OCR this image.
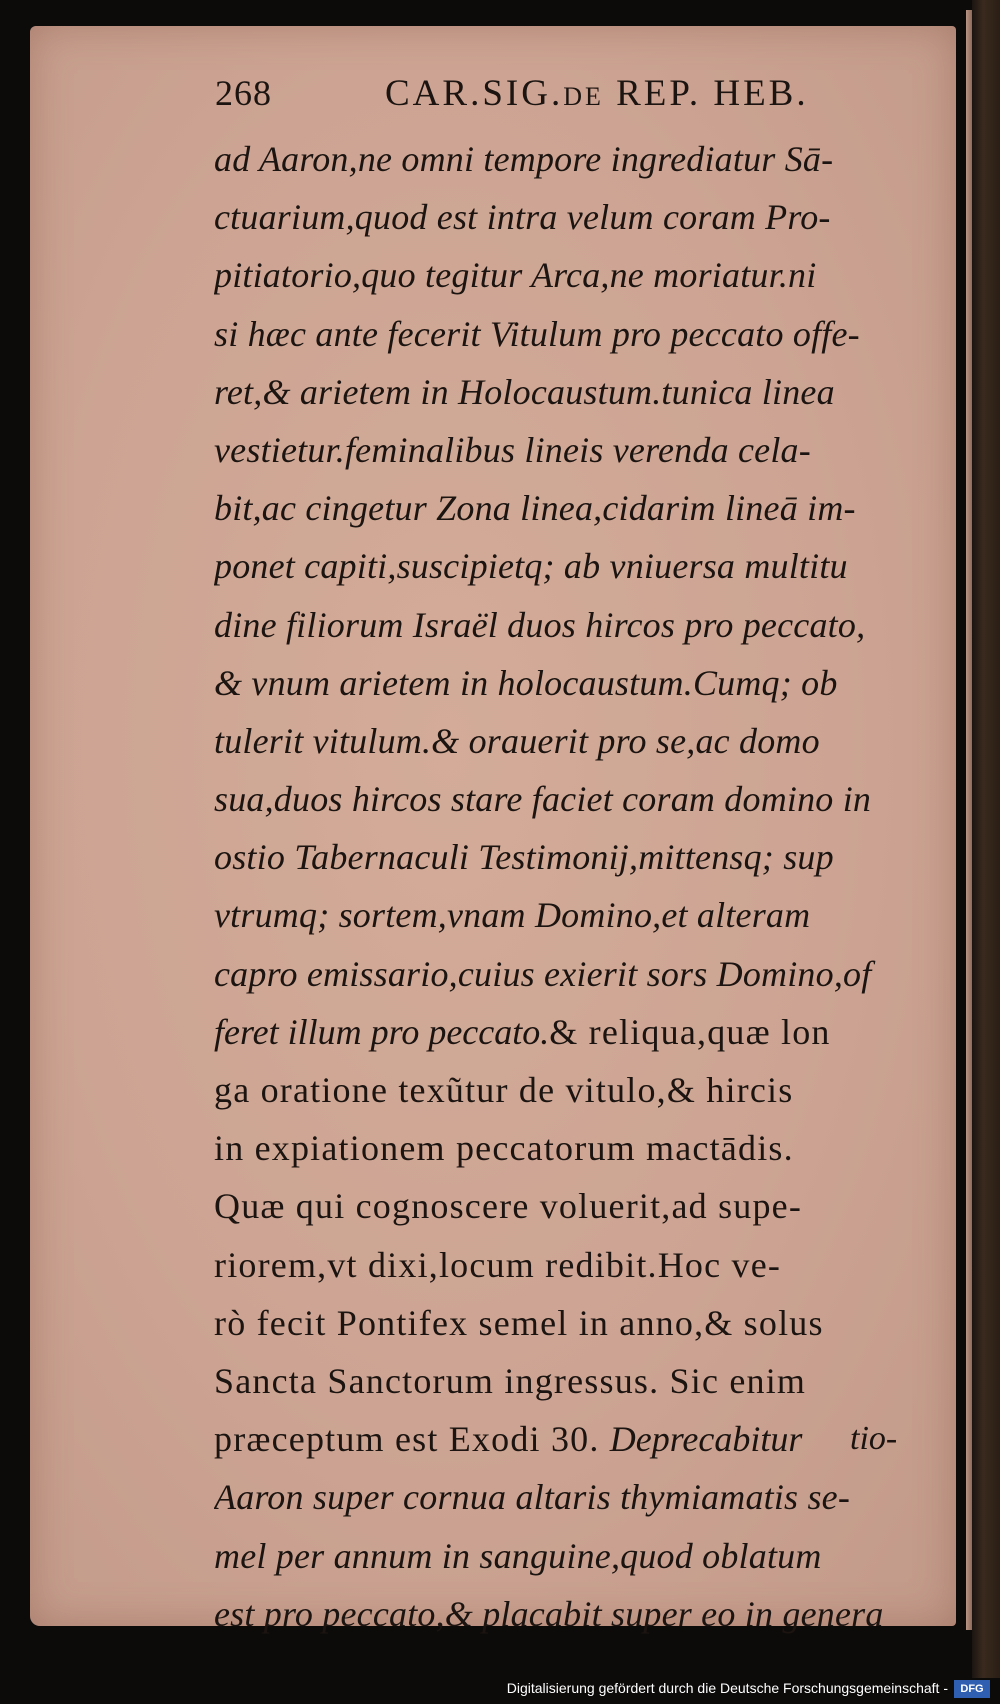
268	CAR.SIG.de REP. HEB.
ad Aaron,ne omni tempore ingrediatur Sā-
ctuarium,quod est intra velum coram Pro-
pitiatorio,quo tegitur Arca,ne moriatur.ni
si hæc ante fecerit Vitulum pro peccato offe-
ret,& arietem in Holocaustum.tunica linea
vestietur.feminalibus lineis verenda cela-
bit,ac cingetur Zona linea,cidarim lineā im-
ponet capiti,suscipietq; ab vniuersa multitu
dine filiorum Israël duos hircos pro peccato,
& vnum arietem in holocaustum.Cumq; ob
tulerit vitulum.& orauerit pro se,ac domo
sua,duos hircos stare faciet coram domino in
ostio Tabernaculi Testimonij,mittensq; sup
vtrumq; sortem,vnam Domino,et alteram
capro emissario,cuius exierit sors Domino,of
feret illum pro peccato.& reliqua,quæ lon
ga oratione texũtur de vitulo,& hircis
in expiationem peccatorum mactādis.
Quæ qui cognoscere voluerit,ad supe-
riorem,vt dixi,locum redibit.Hoc ve-
rò fecit Pontifex semel in anno,& solus
Sancta Sanctorum ingressus. Sic enim
præceptum est Exodi 30. Deprecabitur
Aaron super cornua altaris thymiamatis se-
mel per annum in sanguine,quod oblatum
est pro peccato,& placabit super eo in genera
tio-
Digitalisierung gefördert durch die Deutsche Forschungsgemeinschaft -	DFG
